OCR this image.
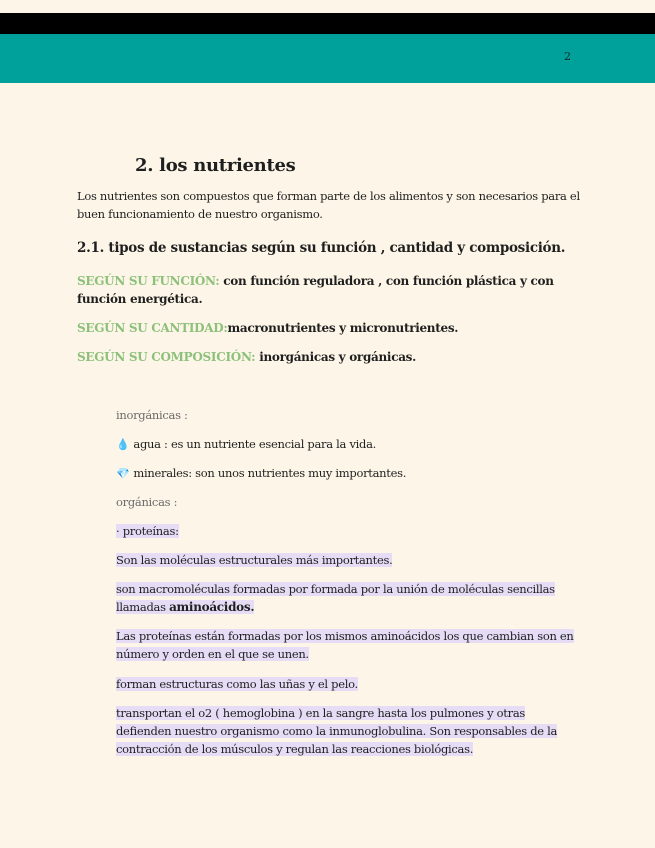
2
2. los nutrientes
Los nutrientes son compuestos que forman parte de los alimentos y son necesarios para el buen funcionamiento de nuestro organismo.
2.1. tipos de sustancias según su función , cantidad y composición.
SEGÚN SU FUNCIÓN: con función reguladora , con función plástica y con función energética.
SEGÚN SU CANTIDAD:macronutrientes y micronutrientes.
SEGÚN SU COMPOSICIÓN: inorgánicas y orgánicas.
inorgánicas :
💧 agua : es un nutriente esencial para la vida.
💎 minerales: son unos nutrientes muy importantes.
orgánicas :
· proteínas:
Son las moléculas estructurales más importantes.
son macromoléculas formadas por formada por la unión de moléculas sencillas llamadas aminoácidos.
Las proteínas están formadas por los mismos aminoácidos los que cambian son en número y orden en el que se unen.
forman estructuras como las uñas y el pelo.
transportan el o2 ( hemoglobina ) en la sangre hasta los pulmones y otras defienden nuestro organismo como la inmunoglobulina. Son responsables de la contracción de los músculos y regulan las reacciones biológicas.
